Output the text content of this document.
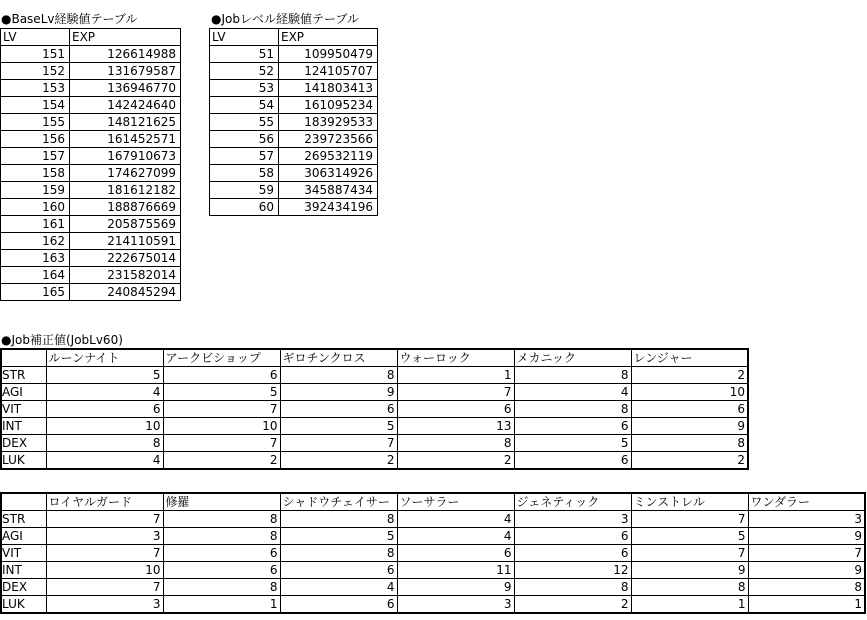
●BaseLv経験値テーブル
LV	EXP
151	126614988
152	131679587
153	136946770
154	142424640
155	148121625
156	161452571
157	167910673
158	174627099
159	181612182
160	188876669
161	205875569
162	214110591
163	222675014
164	231582014
165	240845294
●Jobレベル経験値テーブル
LV	EXP
51	109950479
52	124105707
53	141803413
54	161095234
55	183929533
56	239723566
57	269532119
58	306314926
59	345887434
60	392434196
●Job補正値(JobLv60)
	ルーンナイト	アークビショップ	ギロチンクロス	ウォーロック	メカニック	レンジャー
STR	5	6	8	1	8	2
AGI	4	5	9	7	4	10
VIT	6	7	6	6	8	6
INT	10	10	5	13	6	9
DEX	8	7	7	8	5	8
LUK	4	2	2	2	6	2
	ロイヤルガード	修羅	シャドウチェイサー	ソーサラー	ジェネティック	ミンストレル	ワンダラー
STR	7	8	8	4	3	7	3
AGI	3	8	5	4	6	5	9
VIT	7	6	8	6	6	7	7
INT	10	6	6	11	12	9	9
DEX	7	8	4	9	8	8	8
LUK	3	1	6	3	2	1	1
